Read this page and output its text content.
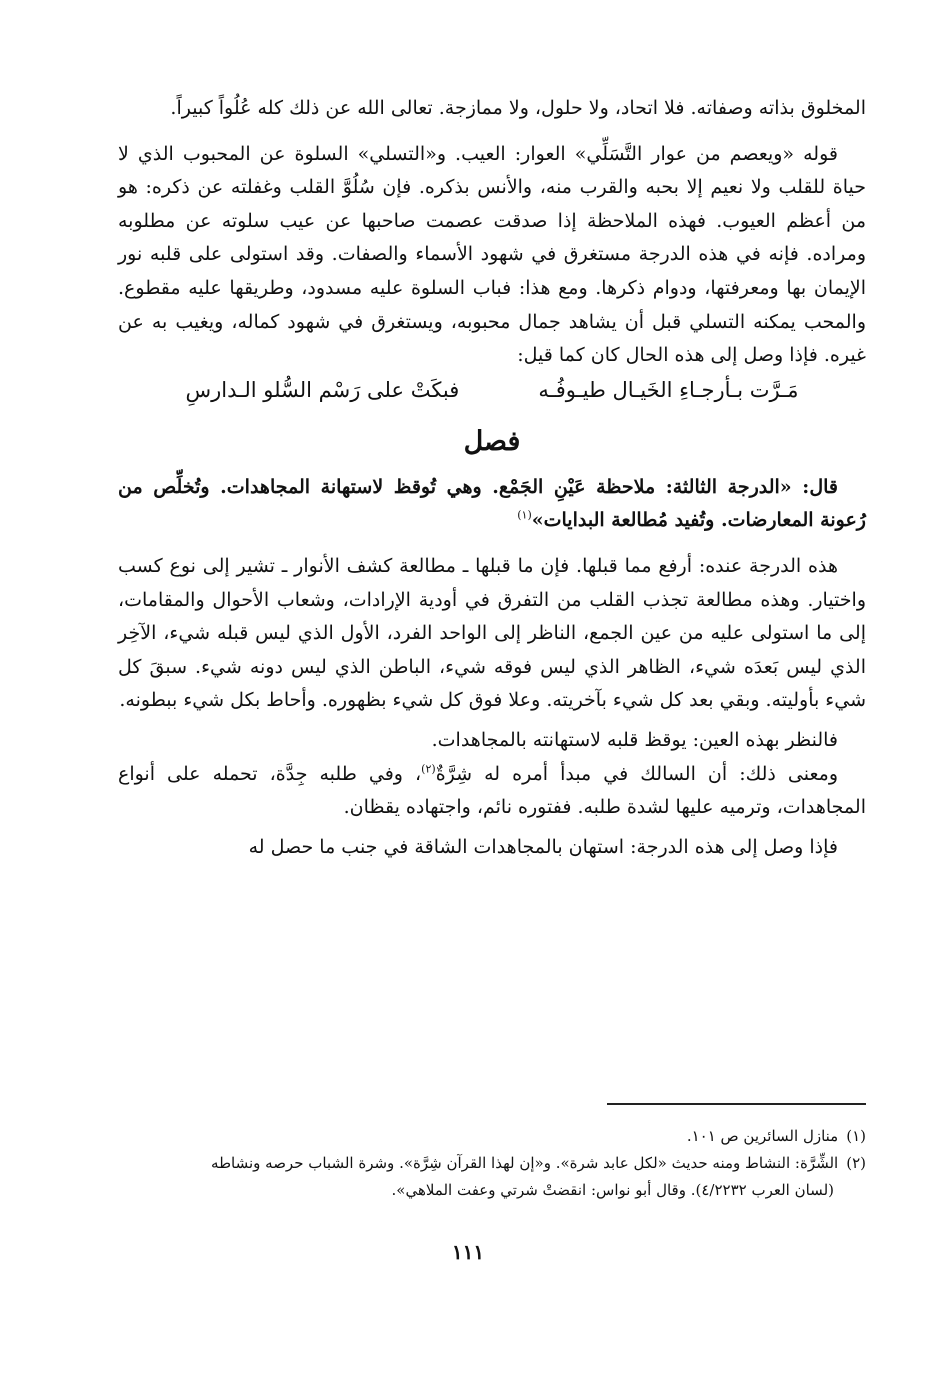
المخلوق بذاته وصفاته. فلا اتحاد، ولا حلول، ولا ممازجة. تعالى الله عن ذلك كله عُلُواً كبيراً.

قوله «ويعصم من عوار التَّسَلِّي» العوار: العيب. و«التسلي» السلوة عن المحبوب الذي لا حياة للقلب ولا نعيم إلا بحبه والقرب منه، والأنس بذكره. فإن سُلُوَّ القلب وغفلته عن ذكره: هو من أعظم العيوب. فهذه الملاحظة إذا صدقت عصمت صاحبها عن عيب سلوته عن مطلوبه ومراده. فإنه في هذه الدرجة مستغرق في شهود الأسماء والصفات. وقد استولى على قلبه نور الإيمان بها ومعرفتها، ودوام ذكرها. ومع هذا: فباب السلوة عليه مسدود، وطريقها عليه مقطوع. والمحب يمكنه التسلي قبل أن يشاهد جمال محبوبه، ويستغرق في شهود كماله، ويغيب به عن غيره. فإذا وصل إلى هذه الحال كان كما قيل:

مَـرَّت بـأرجـاءِ الخَيـال طيـوفُـه
فبكَتْ على رَسْم السُّلو الـدارسِ
فصل

قال: «الدرجة الثالثة: ملاحظة عَيْنِ الجَمْع. وهي تُوقظ لاستهانة المجاهدات. وتُخلِّص من رُعونة المعارضات. وتُفيد مُطالعة البدايات»$^{(١)}$

هذه الدرجة عنده: أرفع مما قبلها. فإن ما قبلها ـ مطالعة كشف الأنوار ـ تشير إلى نوع كسب واختيار. وهذه مطالعة تجذب القلب من التفرق في أودية الإرادات، وشعاب الأحوال والمقامات، إلى ما استولى عليه من عين الجمع، الناظر إلى الواحد الفرد، الأول الذي ليس قبله شيء، الآخِر الذي ليس بَعدَه شيء، الظاهر الذي ليس فوقه شيء، الباطن الذي ليس دونه شيء. سبقَ كل شيء بأوليته. وبقي بعد كل شيء بآخريته. وعلا فوق كل شيء بظهوره. وأحاط بكل شيء ببطونه.

فالنظر بهذه العين: يوقظ قلبه لاستهانته بالمجاهدات.

ومعنى ذلك: أن السالك في مبدأ أمره له شِرَّةٌ$^{(٢)}$، وفي طلبه جِدَّة، تحمله على أنواع المجاهدات، وترميه عليها لشدة طلبه. ففتوره نائم، واجتهاده يقظان.

فإذا وصل إلى هذه الدرجة: استهان بالمجاهدات الشاقة في جنب ما حصل له

(١)منازل السائرين ص ١٠١.

(٢)الشِّرَّة: النشاط ومنه حديث «لكل عابد شرة». و«إن لهذا القرآن شِرَّة». وشرة الشباب حرصه ونشاطه

(لسان العرب ٤/٢٢٣٢). وقال أبو نواس: انقضتْ شرتي وعفت الملاهي».

١١١
